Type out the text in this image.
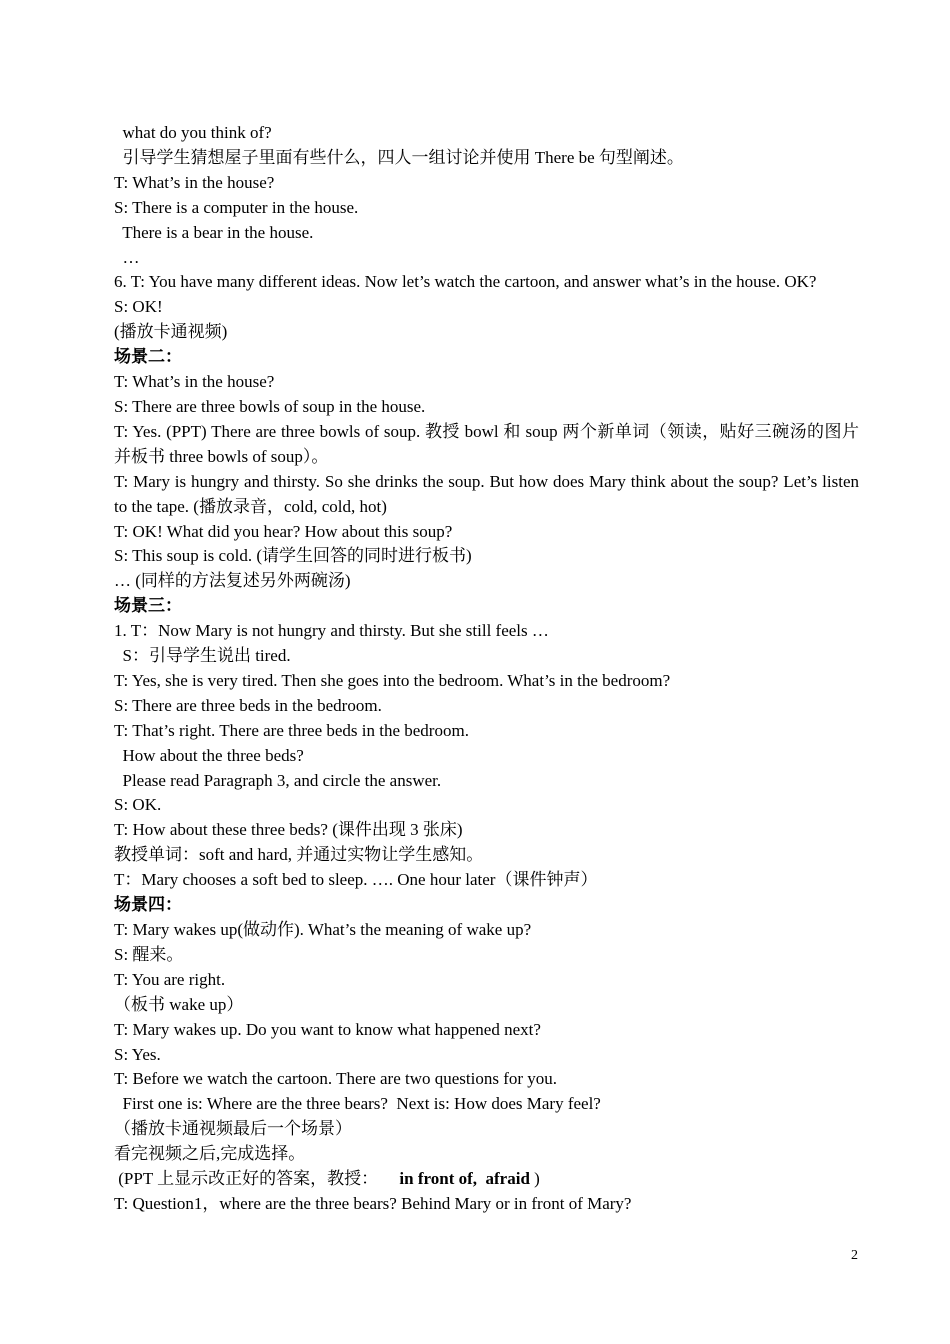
what do you think of?
引导学生猜想屋子里面有些什么，四人一组讨论并使用 There be 句型阐述。
T: What’s in the house?
S: There is a computer in the house.
There is a bear in the house.
…
6. T: You have many different ideas. Now let’s watch the cartoon, and answer what’s in the house. OK?
S: OK!
(播放卡通视频)
场景二：
T: What’s in the house?
S: There are three bowls of soup in the house.
T: Yes. (PPT) There are three bowls of soup. 教授 bowl 和 soup 两个新单词（领读，贴好三碗汤的图片并板书 three bowls of soup）。
T: Mary is hungry and thirsty. So she drinks the soup. But how does Mary think about the soup? Let’s listen to the tape. (播放录音，cold, cold, hot)
T: OK! What did you hear? How about this soup?
S: This soup is cold. (请学生回答的同时进行板书)
… (同样的方法复述另外两碗汤)
场景三：
1. T：Now Mary is not hungry and thirsty. But she still feels …
S：引导学生说出 tired.
T: Yes, she is very tired. Then she goes into the bedroom. What’s in the bedroom?
S: There are three beds in the bedroom.
T: That’s right. There are three beds in the bedroom.
How about the three beds?
Please read Paragraph 3, and circle the answer.
S: OK.
T: How about these three beds? (课件出现 3 张床)
教授单词：soft and hard, 并通过实物让学生感知。
T：Mary chooses a soft bed to sleep. …. One hour later（课件钟声）
场景四：
T: Mary wakes up(做动作). What’s the meaning of wake up?
S: 醒来。
T: You are right.
（板书 wake up）
T: Mary wakes up. Do you want to know what happened next?
S: Yes.
T: Before we watch the cartoon. There are two questions for you.
First one is: Where are the three bears?  Next is: How does Mary feel?
（播放卡通视频最后一个场景）
看完视频之后,完成选择。
(PPT 上显示改正好的答案，教授：     in front of,  afraid )
T: Question1，where are the three bears? Behind Mary or in front of Mary?
2
